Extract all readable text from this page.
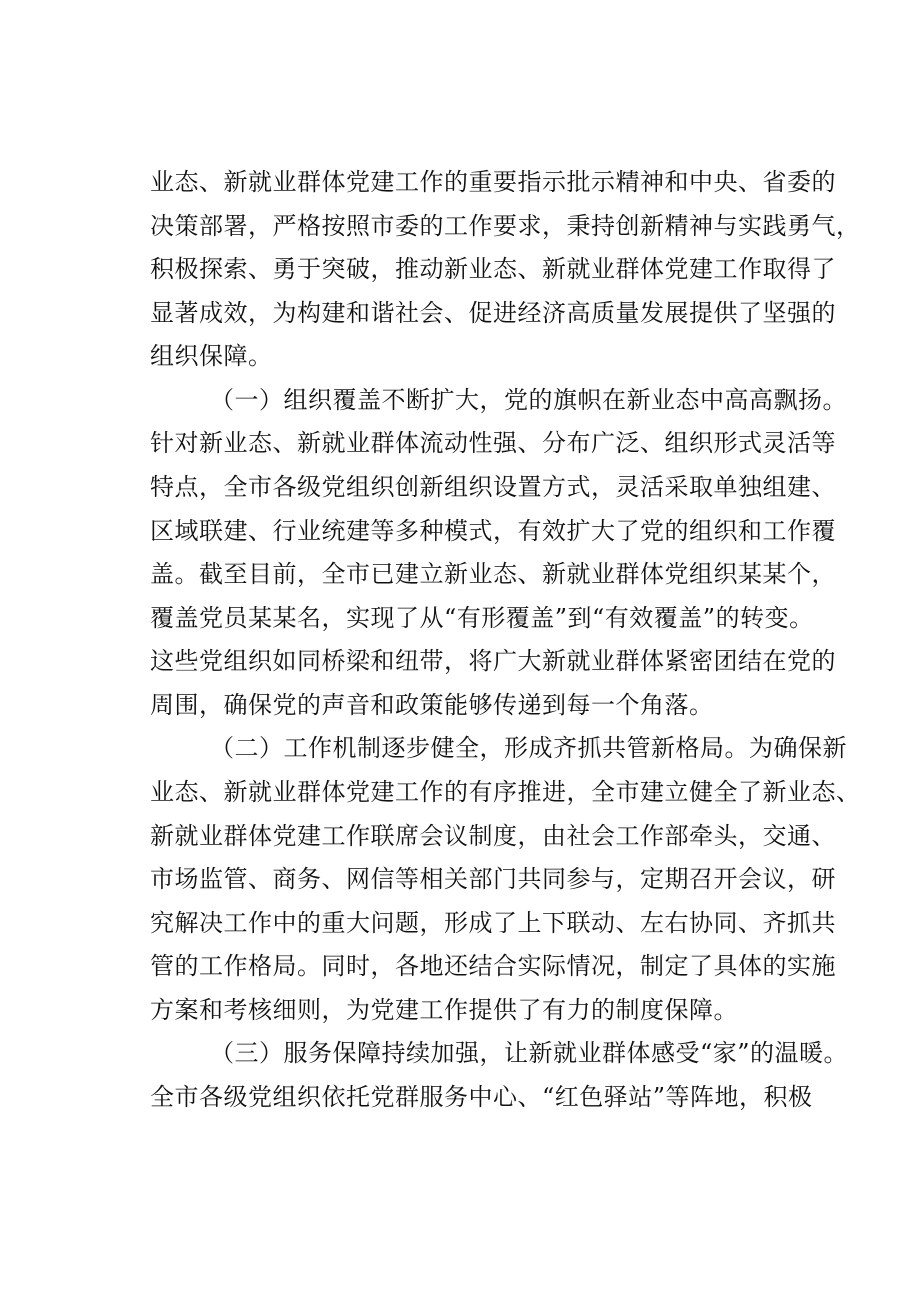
业态、新就业群体党建工作的重要指示批示精神和中央、省委的
决策部署，严格按照市委的工作要求，秉持创新精神与实践勇气，
积极探索、勇于突破，推动新业态、新就业群体党建工作取得了
显著成效，为构建和谐社会、促进经济高质量发展提供了坚强的
组织保障。
（一）组织覆盖不断扩大，党的旗帜在新业态中高高飘扬。
针对新业态、新就业群体流动性强、分布广泛、组织形式灵活等
特点，全市各级党组织创新组织设置方式，灵活采取单独组建、
区域联建、行业统建等多种模式，有效扩大了党的组织和工作覆
盖。截至目前，全市已建立新业态、新就业群体党组织某某个，
覆盖党员某某名，实现了从“有形覆盖”到“有效覆盖”的转变。
这些党组织如同桥梁和纽带，将广大新就业群体紧密团结在党的
周围，确保党的声音和政策能够传递到每一个角落。
（二）工作机制逐步健全，形成齐抓共管新格局。为确保新
业态、新就业群体党建工作的有序推进，全市建立健全了新业态、
新就业群体党建工作联席会议制度，由社会工作部牵头，交通、
市场监管、商务、网信等相关部门共同参与，定期召开会议，研
究解决工作中的重大问题，形成了上下联动、左右协同、齐抓共
管的工作格局。同时，各地还结合实际情况，制定了具体的实施
方案和考核细则，为党建工作提供了有力的制度保障。
（三）服务保障持续加强，让新就业群体感受“家”的温暖。
全市各级党组织依托党群服务中心、“红色驿站”等阵地，积极
